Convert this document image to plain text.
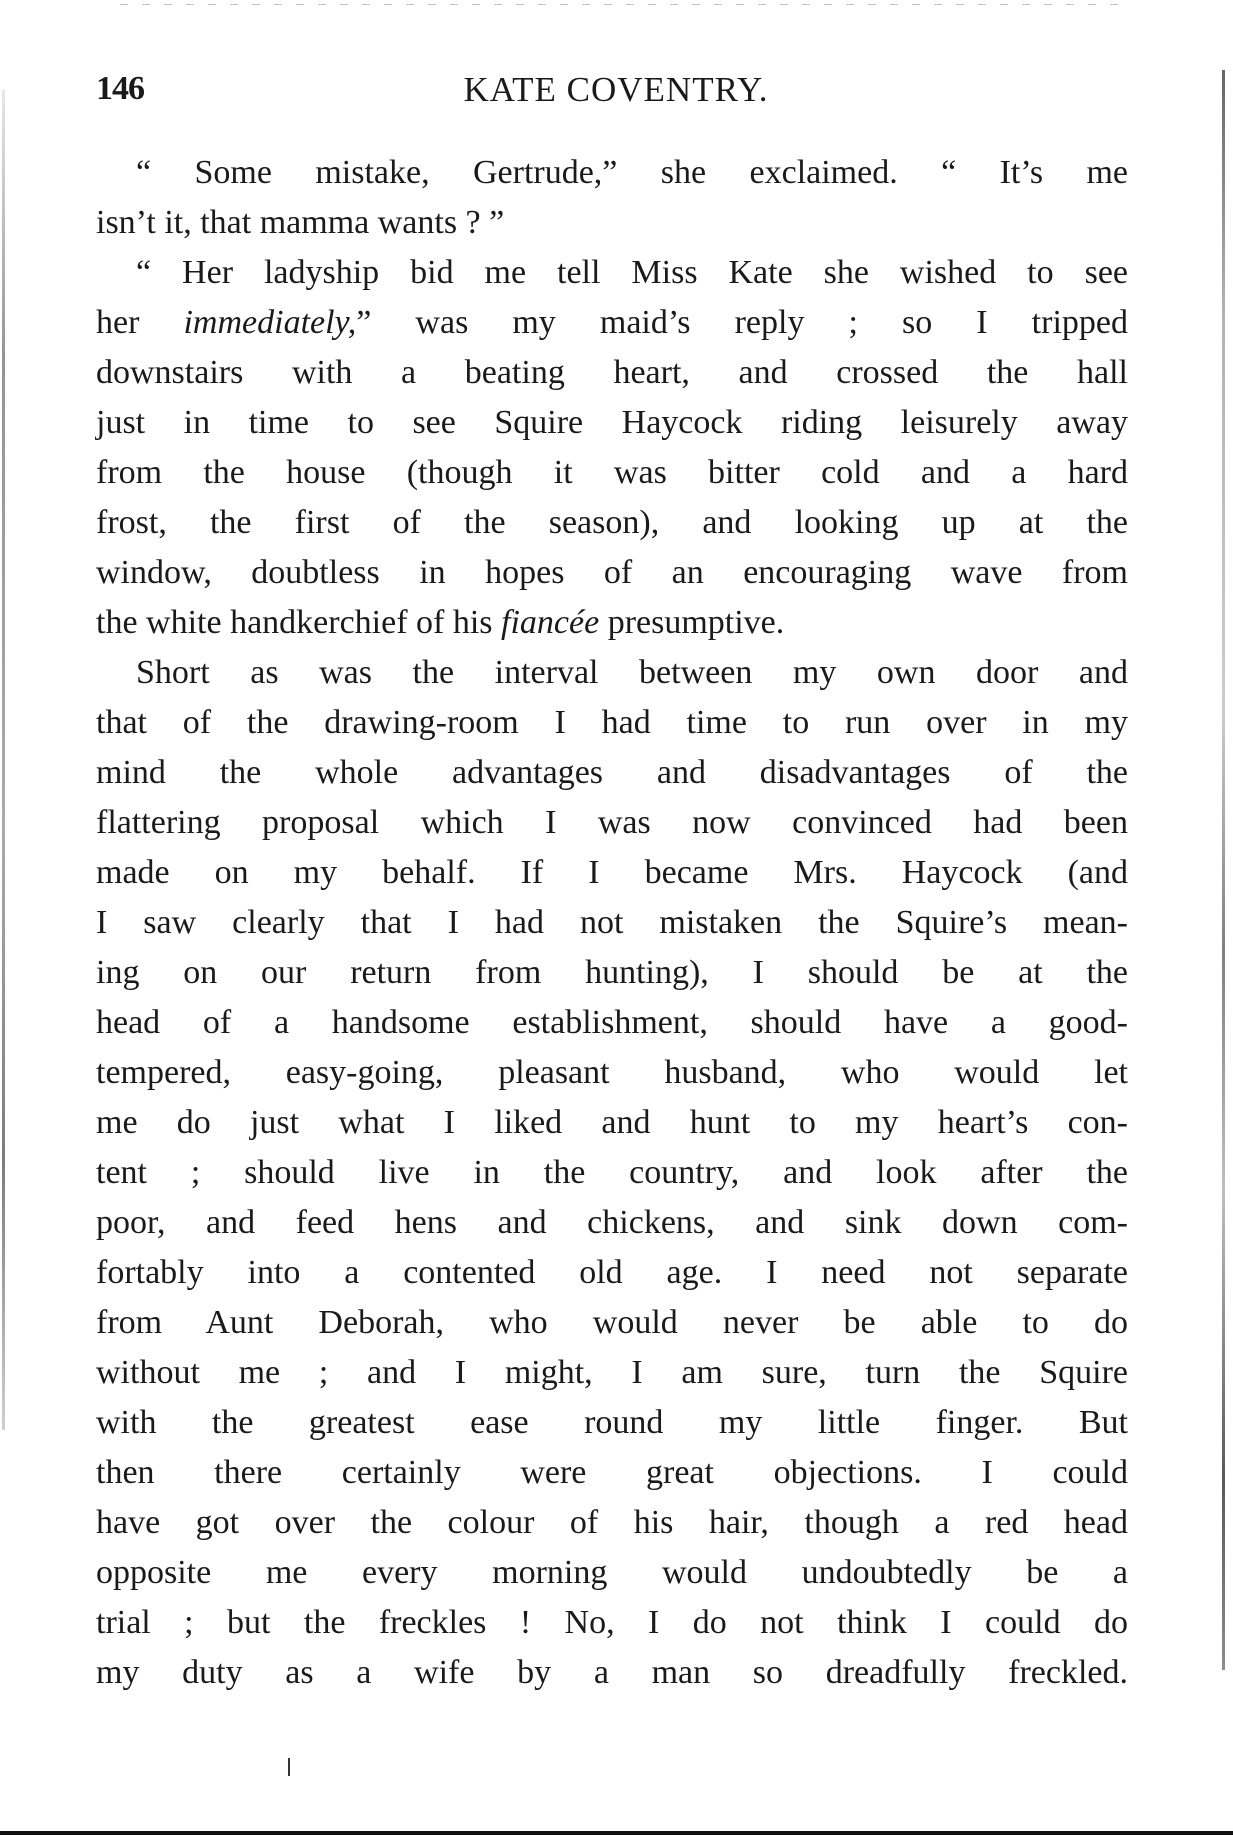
146	KATE COVENTRY.
“ Some mistake, Gertrude,” she exclaimed. “ It’s me
isn’t it, that mamma wants ? ”
“ Her ladyship bid me tell Miss Kate she wished to see
her immediately,” was my maid’s reply ; so I tripped
downstairs with a beating heart, and crossed the hall
just in time to see Squire Haycock riding leisurely away
from the house (though it was bitter cold and a hard
frost, the first of the season), and looking up at the
window, doubtless in hopes of an encouraging wave from
the white handkerchief of his fiancée presumptive.
Short as was the interval between my own door and
that of the drawing-room I had time to run over in my
mind the whole advantages and disadvantages of the
flattering proposal which I was now convinced had been
made on my behalf. If I became Mrs. Haycock (and
I saw clearly that I had not mistaken the Squire’s mean-
ing on our return from hunting), I should be at the
head of a handsome establishment, should have a good-
tempered, easy-going, pleasant husband, who would let
me do just what I liked and hunt to my heart’s con-
tent ; should live in the country, and look after the
poor, and feed hens and chickens, and sink down com-
fortably into a contented old age. I need not separate
from Aunt Deborah, who would never be able to do
without me ; and I might, I am sure, turn the Squire
with the greatest ease round my little finger. But
then there certainly were great objections. I could
have got over the colour of his hair, though a red head
opposite me every morning would undoubtedly be a
trial ; but the freckles ! No, I do not think I could do
my duty as a wife by a man so dreadfully freckled.
